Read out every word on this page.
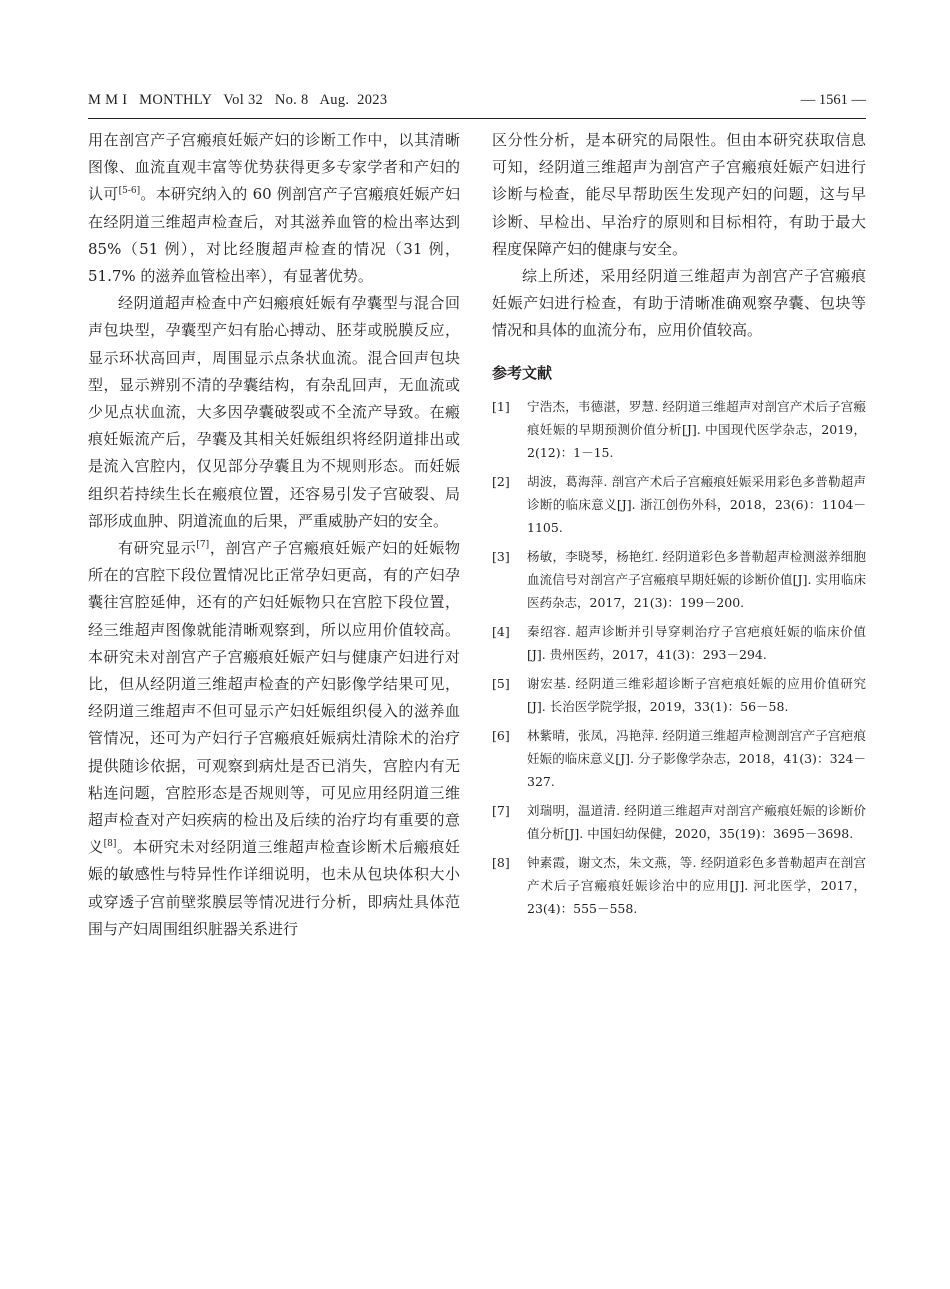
M M I   MONTHLY   Vol 32   No. 8   Aug.  2023	— 1561 —

用在剖宫产子宫瘢痕妊娠产妇的诊断工作中，以其清晰图像、血流直观丰富等优势获得更多专家学者和产妇的认可[5-6]。本研究纳入的 60 例剖宫产子宫瘢痕妊娠产妇在经阴道三维超声检查后，对其滋养血管的检出率达到 85%（51 例），对比经腹超声检查的情况（31 例，51.7% 的滋养血管检出率），有显著优势。

经阴道超声检查中产妇瘢痕妊娠有孕囊型与混合回声包块型，孕囊型产妇有胎心搏动、胚芽或脱膜反应，显示环状高回声，周围显示点条状血流。混合回声包块型，显示辨别不清的孕囊结构，有杂乱回声，无血流或少见点状血流，大多因孕囊破裂或不全流产导致。在瘢痕妊娠流产后，孕囊及其相关妊娠组织将经阴道排出或是流入宫腔内，仅见部分孕囊且为不规则形态。而妊娠组织若持续生长在瘢痕位置，还容易引发子宫破裂、局部形成血肿、阴道流血的后果，严重威胁产妇的安全。

有研究显示[7]，剖宫产子宫瘢痕妊娠产妇的妊娠物所在的宫腔下段位置情况比正常孕妇更高，有的产妇孕囊往宫腔延伸，还有的产妇妊娠物只在宫腔下段位置，经三维超声图像就能清晰观察到，所以应用价值较高。本研究未对剖宫产子宫瘢痕妊娠产妇与健康产妇进行对比，但从经阴道三维超声检查的产妇影像学结果可见，经阴道三维超声不但可显示产妇妊娠组织侵入的滋养血管情况，还可为产妇行子宫瘢痕妊娠病灶清除术的治疗提供随诊依据，可观察到病灶是否已消失，宫腔内有无粘连问题，宫腔形态是否规则等，可见应用经阴道三维超声检查对产妇疾病的检出及后续的治疗均有重要的意义[8]。本研究未对经阴道三维超声检查诊断术后瘢痕妊娠的敏感性与特异性作详细说明，也未从包块体积大小或穿透子宫前壁浆膜层等情况进行分析，即病灶具体范围与产妇周围组织脏器关系进行

区分性分析，是本研究的局限性。但由本研究获取信息可知，经阴道三维超声为剖宫产子宫瘢痕妊娠产妇进行诊断与检查，能尽早帮助医生发现产妇的问题，这与早诊断、早检出、早治疗的原则和目标相符，有助于最大程度保障产妇的健康与安全。

综上所述，采用经阴道三维超声为剖宫产子宫瘢痕妊娠产妇进行检查，有助于清晰准确观察孕囊、包块等情况和具体的血流分布，应用价值较高。

参考文献
[1] 宁浩杰，韦德湛，罗慧. 经阴道三维超声对剖宫产术后子宫瘢痕妊娠的早期预测价值分析[J]. 中国现代医学杂志，2019，2(12)：1－15.
[2] 胡波，葛海萍. 剖宫产术后子宫瘢痕妊娠采用彩色多普勒超声诊断的临床意义[J]. 浙江创伤外科，2018，23(6)：1104－1105.
[3] 杨敏，李晓琴，杨艳红. 经阴道彩色多普勒超声检测滋养细胞血流信号对剖宫产子宫瘢痕早期妊娠的诊断价值[J]. 实用临床医药杂志，2017，21(3)：199－200.
[4] 秦绍容. 超声诊断并引导穿刺治疗子宫疤痕妊娠的临床价值[J]. 贵州医药，2017，41(3)：293－294.
[5] 谢宏基. 经阴道三维彩超诊断子宫疤痕妊娠的应用价值研究[J]. 长治医学院学报，2019，33(1)：56－58.
[6] 林紫晴，张凤，冯艳萍. 经阴道三维超声检测剖宫产子宫疤痕妊娠的临床意义[J]. 分子影像学杂志，2018，41(3)：324－327.
[7] 刘瑞明，温道清. 经阴道三维超声对剖宫产瘢痕妊娠的诊断价值分析[J]. 中国妇幼保健，2020，35(19)：3695－3698.
[8] 钟素霞，谢文杰，朱文燕，等. 经阴道彩色多普勒超声在剖宫产术后子宫瘢痕妊娠诊治中的应用[J]. 河北医学，2017，23(4)：555－558.
